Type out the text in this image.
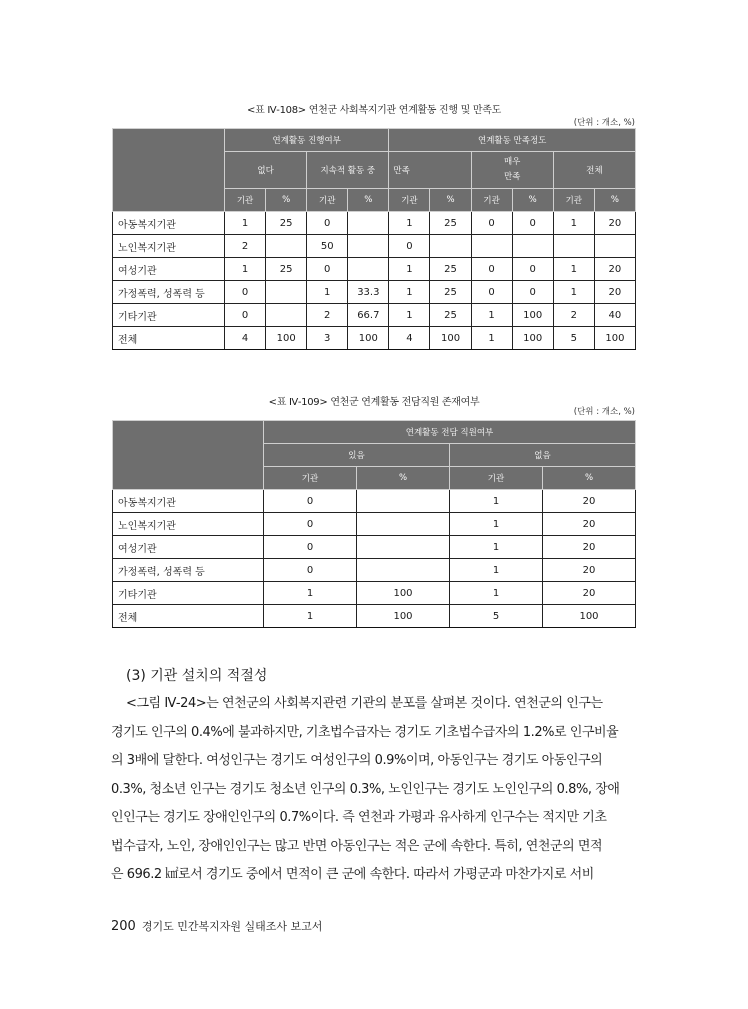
<표 Ⅳ-108> 연천군 사회복지기관 연계활동 진행 및 만족도
(단위 : 개소, %)
	연계활동 진행여부				연계활동 만족정도					
	없다		지속적 활동 중		만족		매우
만족		전체	
	기관	%	기관	%	기관	%	기관	%	기관	%
아동복지기관	1	25	0		1	25	0	0	1	20
노인복지기관	2		50		0					
여성기관	1	25	0		1	25	0	0	1	20
가정폭력, 성폭력 등	0		1	33.3	1	25	0	0	1	20
기타기관	0		2	66.7	1	25	1	100	2	40
전체	4	100	3	100	4	100	1	100	5	100
<표 Ⅳ-109> 연천군 연계활동 전담직원 존재여부
(단위 : 개소, %)
	연계활동 전담 직원여부			
	있음		없음	
	기관	%	기관	%
아동복지기관	0		1	20
노인복지기관	0		1	20
여성기관	0		1	20
가정폭력, 성폭력 등	0		1	20
기타기관	1	100	1	20
전체	1	100	5	100
(3) 기관 설치의 적절성
<그림 Ⅳ-24>는 연천군의 사회복지관련 기관의 분포를 살펴본 것이다. 연천군의 인구는
경기도 인구의 0.4%에 불과하지만, 기초법수급자는 경기도 기초법수급자의 1.2%로 인구비율
의 3배에 달한다. 여성인구는 경기도 여성인구의 0.9%이며, 아동인구는 경기도 아동인구의
0.3%, 청소년 인구는 경기도 청소년 인구의 0.3%, 노인인구는 경기도 노인인구의 0.8%, 장애
인인구는 경기도 장애인인구의 0.7%이다. 즉 연천과 가평과 유사하게 인구수는 적지만 기초
법수급자, 노인, 장애인인구는 많고 반면 아동인구는 적은 군에 속한다. 특히, 연천군의 면적
은 696.2 ㎢로서 경기도 중에서 면적이 큰 군에 속한다. 따라서 가평군과 마찬가지로 서비
200 경기도 민간복지자원 실태조사 보고서
